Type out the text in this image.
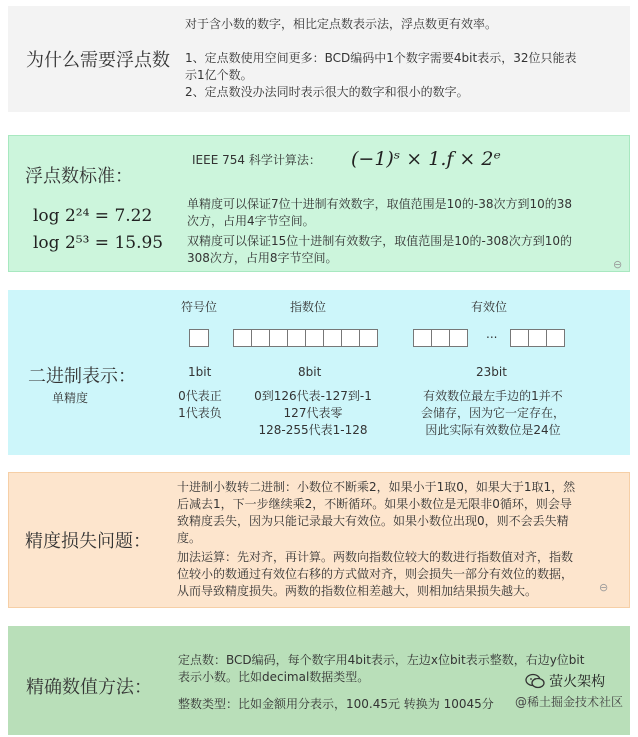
为什么需要浮点数
对于含小数的数字，相比定点数表示法，浮点数更有效率。
1、定点数使用空间更多：BCD编码中1个数字需要4bit表示，32位只能表
示1亿个数。
2、定点数没办法同时表示很大的数字和很小的数字。
浮点数标准：
IEEE 754 科学计算法： (−1)ˢ × 1.f × 2ᵉ
log 2²⁴ = 7.22
log 2⁵³ = 15.95
单精度可以保证7位十进制有效数字，取值范围是10的-38次方到10的38
次方，占用4字节空间。
双精度可以保证15位十进制有效数字，取值范围是10的-308次方到10的
308次方，占用8字节空间。	⊖
二进制表示：
单精度
符号位	指数位	有效位
...
1bit	8bit	23bit
0代表正
1代表负
0到126代表-127到-1
127代表零
128-255代表1-128
有效数位最左手边的1并不
会储存，因为它一定存在，
因此实际有效数位是24位
精度损失问题：
十进制小数转二进制：小数位不断乘2，如果小于1取0，如果大于1取1，然
后减去1，下一步继续乘2，不断循环。如果小数位是无限非0循环，则会导
致精度丢失，因为只能记录最大有效位。如果小数位出现0，则不会丢失精
度。
加法运算：先对齐，再计算。两数向指数位较大的数进行指数值对齐，指数
位较小的数通过有效位右移的方式做对齐，则会损失一部分有效位的数据，
从而导致精度损失。两数的指数位相差越大，则相加结果损失越大。	⊖
精确数值方法：
定点数：BCD编码，每个数字用4bit表示，左边x位bit表示整数，右边y位bit
表示小数。比如decimal数据类型。
整数类型：比如金额用分表示，100.45元 转换为 10045分
萤火架构
@稀土掘金技术社区
